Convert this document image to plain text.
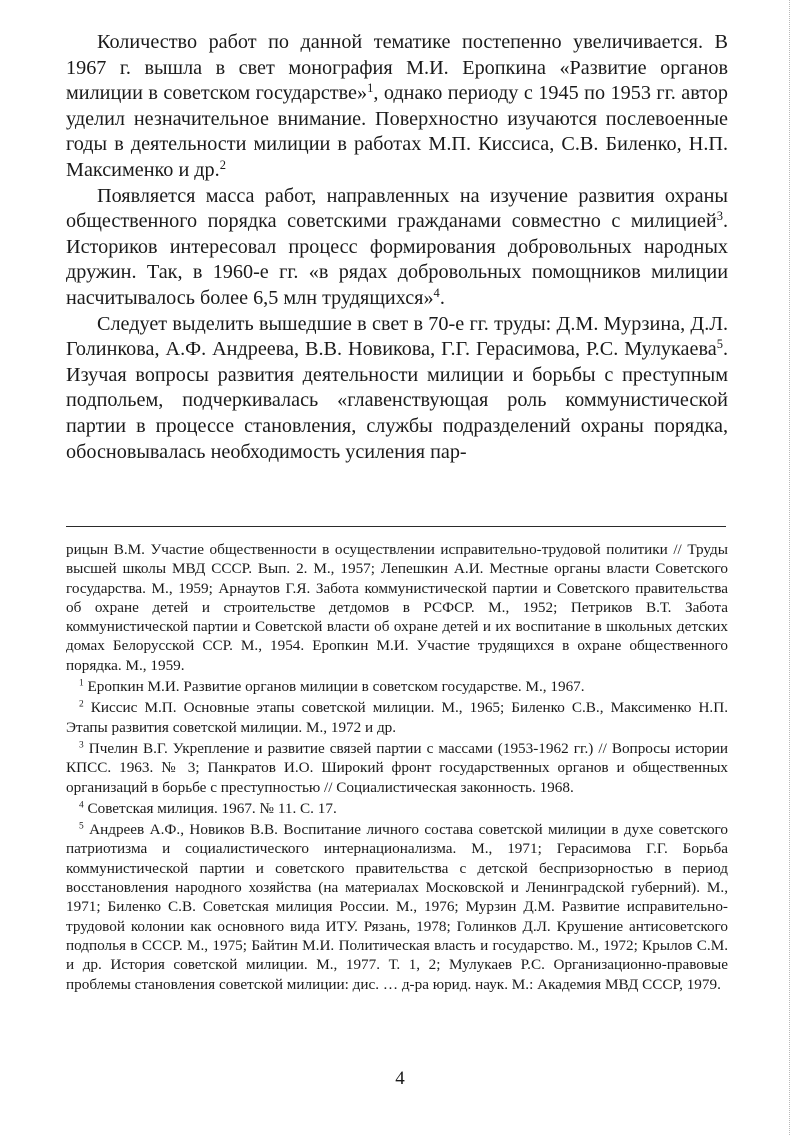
Количество работ по данной тематике постепенно увеличивается. В 1967 г. вышла в свет монография М.И. Еропкина «Развитие органов милиции в советском государстве»$^1$, однако периоду с 1945 по 1953 гг. автор уделил незначительное внимание. Поверхностно изучаются послевоенные годы в деятельности милиции в работах М.П. Киссиса, С.В. Биленко, Н.П. Максименко и др.$^2$

Появляется масса работ, направленных на изучение развития охраны общественного порядка советскими гражданами совместно с милицией$^3$. Историков интересовал процесс формирования добровольных народных дружин. Так, в 1960-е гг. «в рядах добровольных помощников милиции насчитывалось более 6,5 млн трудящихся»$^4$.

Следует выделить вышедшие в свет в 70-е гг. труды: Д.М. Мурзина, Д.Л. Голинкова, А.Ф. Андреева, В.В. Новикова, Г.Г. Герасимова, Р.С. Мулукаева$^5$. Изучая вопросы развития деятельности милиции и борьбы с преступным подпольем, подчеркивалась «главенствующая роль коммунистической партии в процессе становления, службы подразделений охраны порядка, обосновывалась необходимость усиления пар-

рицын В.М. Участие общественности в осуществлении исправительно-трудовой политики // Труды высшей школы МВД СССР. Вып. 2. М., 1957; Лепешкин А.И. Местные органы власти Советского государства. М., 1959; Арнаутов Г.Я. Забота коммунистической партии и Советского правительства об охране детей и строительстве детдомов в РСФСР. М., 1952; Петриков В.Т. Забота коммунистической партии и Советской власти об охране детей и их воспитание в школьных детских домах Белорусской ССР. М., 1954. Еропкин М.И. Участие трудящихся в охране общественного порядка. М., 1959.

$^1$ Еропкин М.И. Развитие органов милиции в советском государстве. М., 1967.

$^2$ Киссис М.П. Основные этапы советской милиции. М., 1965; Биленко С.В., Максименко Н.П. Этапы развития советской милиции. М., 1972 и др.

$^3$ Пчелин В.Г. Укрепление и развитие связей партии с массами (1953-1962 гг.) // Вопросы истории КПСС. 1963. № 3; Панкратов И.О. Широкий фронт государственных органов и общественных организаций в борьбе с преступностью // Социалистическая законность. 1968.

$^4$ Советская милиция. 1967. № 11. С. 17.

$^5$ Андреев А.Ф., Новиков В.В. Воспитание личного состава советской милиции в духе советского патриотизма и социалистического интернационализма. М., 1971; Герасимова Г.Г. Борьба коммунистической партии и советского правительства с детской беспризорностью в период восстановления народного хозяйства (на материалах Московской и Ленинградской губерний). М., 1971; Биленко С.В. Советская милиция России. М., 1976; Мурзин Д.М. Развитие исправительно-трудовой колонии как основного вида ИТУ. Рязань, 1978; Голинков Д.Л. Крушение антисоветского подполья в СССР. М., 1975; Байтин М.И. Политическая власть и государство. М., 1972; Крылов С.М. и др. История советской милиции. М., 1977. Т. 1, 2; Мулукаев Р.С. Организационно-правовые проблемы становления советской милиции: дис. … д-ра юрид. наук. М.: Академия МВД СССР, 1979.

4
